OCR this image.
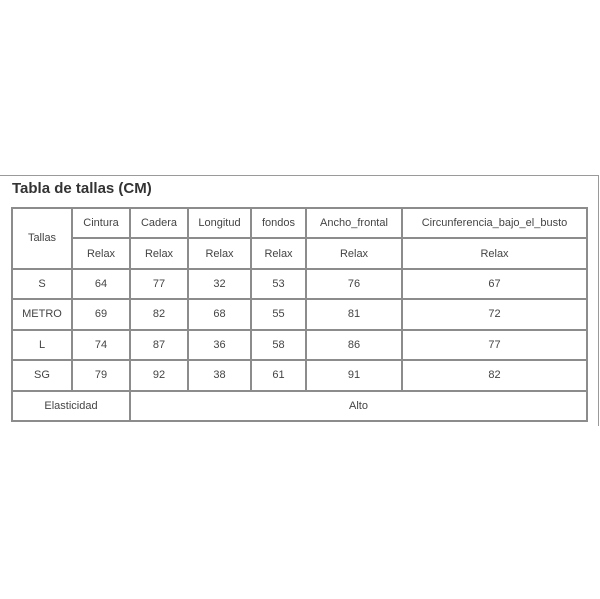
Tabla de tallas (CM)
Tallas	Cintura	Cadera	Longitud	fondos	Ancho_frontal	Circunferencia_bajo_el_busto
	Relax	Relax	Relax	Relax	Relax	Relax
S	64	77	32	53	76	67
METRO	69	82	68	55	81	72
L	74	87	36	58	86	77
SG	79	92	38	61	91	82
Elasticidad		Alto				
